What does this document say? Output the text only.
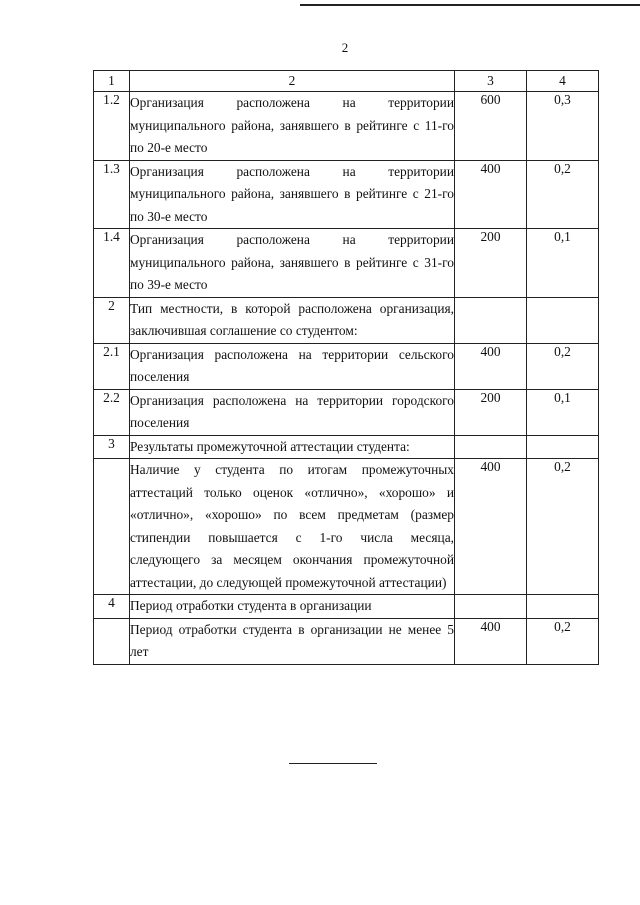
2
1	2	3	4
1.2	Организация расположена на территории муниципального района, занявшего в рейтинге с 11-го по 20-е место	600	0,3
1.3	Организация расположена на территории муниципального района, занявшего в рейтинге с 21-го по 30-е место	400	0,2
1.4	Организация расположена на территории муниципального района, занявшего в рейтинге с 31-го по 39-е место	200	0,1
2	Тип местности, в которой расположена организация, заключившая соглашение со студентом:		
2.1	Организация расположена на территории сельского поселения	400	0,2
2.2	Организация расположена на территории городского поселения	200	0,1
3	Результаты промежуточной аттестации студента:		
	Наличие у студента по итогам промежуточных аттестаций только оценок «отлично», «хорошо» и «отлично», «хорошо» по всем предметам (размер стипендии повышается с 1-го числа месяца, следующего за месяцем окончания промежуточной аттестации, до следующей промежуточной аттестации)	400	0,2
4	Период отработки студента в организации		
	Период отработки студента в организации не менее 5 лет	400	0,2
